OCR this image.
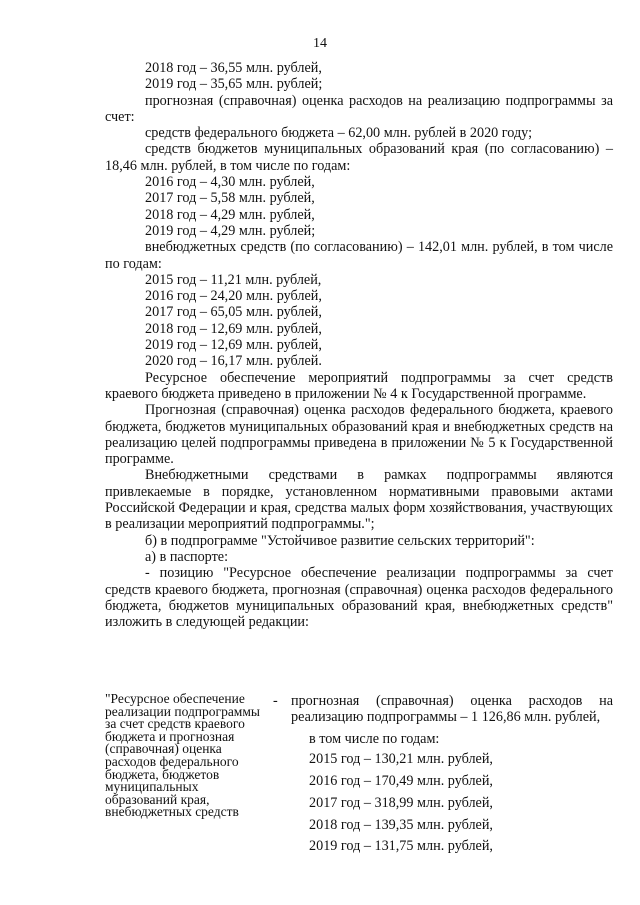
14

2018 год – 36,55 млн. рублей,

2019 год – 35,65 млн. рублей;

прогнозная (справочная) оценка расходов на реализацию подпрограммы за счет:

средств федерального бюджета – 62,00 млн. рублей в 2020 году;

средств бюджетов муниципальных образований края (по согласованию) – 18,46 млн. рублей, в том числе по годам:

2016 год – 4,30 млн. рублей,

2017 год – 5,58 млн. рублей,

2018 год – 4,29 млн. рублей,

2019 год – 4,29 млн. рублей;

внебюджетных средств (по согласованию) – 142,01 млн. рублей, в том числе по годам:

2015 год – 11,21 млн. рублей,

2016 год – 24,20 млн. рублей,

2017 год – 65,05 млн. рублей,

2018 год – 12,69 млн. рублей,

2019 год – 12,69 млн. рублей,

2020 год – 16,17 млн. рублей.

Ресурсное обеспечение мероприятий подпрограммы за счет средств краевого бюджета приведено в приложении № 4 к Государственной программе.

Прогнозная (справочная) оценка расходов федерального бюджета, краевого бюджета, бюджетов муниципальных образований края и внебюджетных средств на реализацию целей подпрограммы приведена в приложении № 5 к Государственной программе.

Внебюджетными средствами в рамках подпрограммы являются привлекаемые в порядке, установленном нормативными правовыми актами Российской Федерации и края, средства малых форм хозяйствования, участвующих в реализации мероприятий подпрограммы.";

б) в подпрограмме "Устойчивое развитие сельских территорий":

а) в паспорте:

- позицию "Ресурсное обеспечение реализации подпрограммы за счет средств краевого бюджета, прогнозная (справочная) оценка расходов федерального бюджета, бюджетов муниципальных образований края, внебюджетных средств" изложить в следующей редакции:

"Ресурсное обеспечение реализации подпрограммы за счет средств краевого бюджета и прогнозная (справочная) оценка расходов федерального бюджета, бюджетов муниципальных образований края, внебюджетных средств
- прогнозная (справочная) оценка расходов на реализацию подпрограммы – 1 126,86 млн. рублей,

в том числе по годам:

2015 год – 130,21 млн. рублей,

2016 год – 170,49 млн. рублей,

2017 год – 318,99 млн. рублей,

2018 год – 139,35 млн. рублей,

2019 год – 131,75 млн. рублей,
